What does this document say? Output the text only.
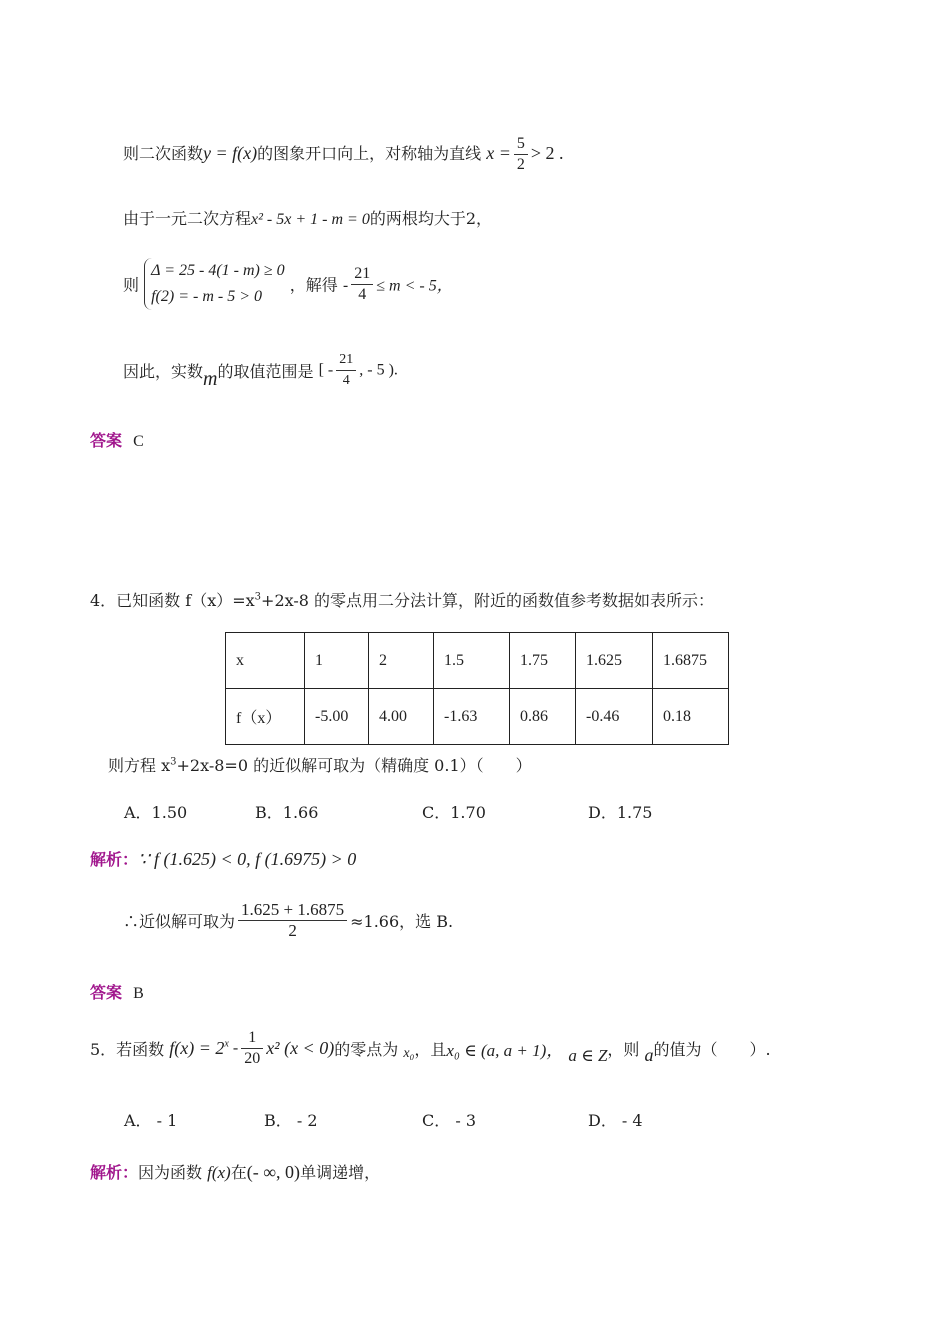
则二次函数y = f(x)的图象开口向上，对称轴为直线 $x = \frac{5}{2} > 2$ .
由于一元二次方程x² - 5x + 1 - m = 0的两根均大于2，
则
Δ = 25 - 4(1 - m) ≥ 0
f(2) = - m - 5 > 0
，解得 - $\frac{21}{4} \le m$ < - 5，
因此，实数m的取值范围是 [ - $\frac{21}{4}$ , - 5 ).
答案 C
4．已知函数 $f(x)=x^3+2x-8$ 的零点用二分法计算，附近的函数值参考数据如表所示：
x	1	2	1.5	1.75	1.625	1.6875
f（x）	-5.00	4.00	-1.63	0.86	-0.46	0.18
则方程 $x^3+2x-8=0$ 的近似解可取为（精确度 0.1）（　　）
A．1.50	B．1.66	C．1.70	D．1.75
解析：∵ f (1.625) < 0, f (1.6975) > 0
∴近似解可取为 $\frac{1.625 + 1.6875}{2} \approx 1.66$，选 B.
答案 B
5．若函数 $f(x) = 2^x - \frac{1}{20} x^2$ (x < 0)的零点为 x₀，且x₀ ∈ (a, a + 1)， a ∈ Z，则 a的值为（　　）.
A． - 1	B． - 2	C． - 3	D． - 4
解析：因为函数 f(x)在(- ∞, 0)单调递增，
